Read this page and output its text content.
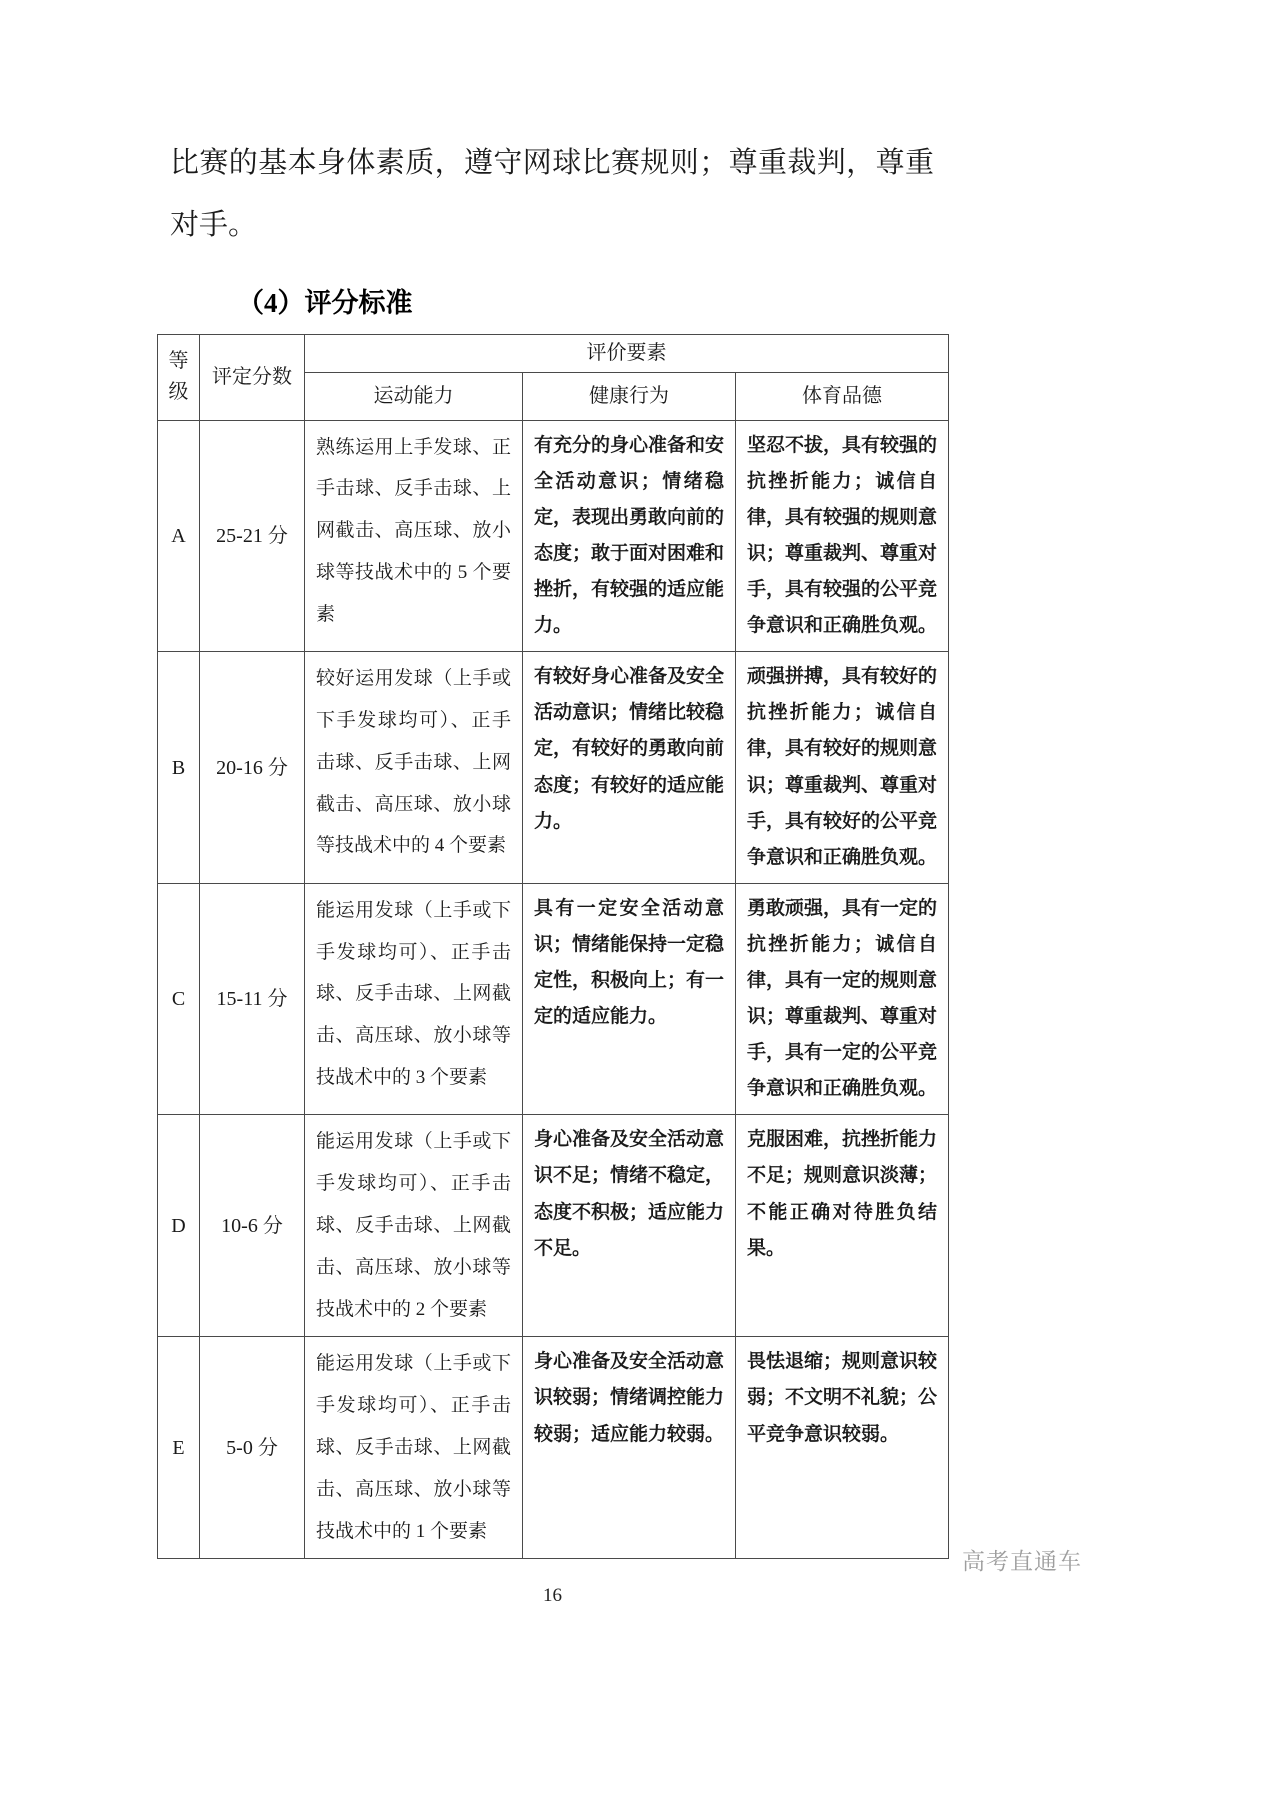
比赛的基本身体素质，遵守网球比赛规则；尊重裁判，尊重对手。

（4）评分标准
等级	评定分数	评价要素		
		运动能力	健康行为	体育品德
A	25-21 分	熟练运用上手发球、正手击球、反手击球、上网截击、高压球、放小球等技战术中的 5 个要素	有充分的身心准备和安全活动意识；情绪稳定，表现出勇敢向前的态度；敢于面对困难和挫折，有较强的适应能力。	坚忍不拔，具有较强的抗挫折能力；诚信自律，具有较强的规则意识；尊重裁判、尊重对手，具有较强的公平竞争意识和正确胜负观。
B	20-16 分	较好运用发球（上手或下手发球均可）、正手击球、反手击球、上网截击、高压球、放小球等技战术中的 4 个要素	有较好身心准备及安全活动意识；情绪比较稳定，有较好的勇敢向前态度；有较好的适应能力。	顽强拼搏，具有较好的抗挫折能力；诚信自律，具有较好的规则意识；尊重裁判、尊重对手，具有较好的公平竞争意识和正确胜负观。
C	15-11 分	能运用发球（上手或下手发球均可）、正手击球、反手击球、上网截击、高压球、放小球等技战术中的 3 个要素	具有一定安全活动意识；情绪能保持一定稳定性，积极向上；有一定的适应能力。	勇敢顽强，具有一定的抗挫折能力；诚信自律，具有一定的规则意识；尊重裁判、尊重对手，具有一定的公平竞争意识和正确胜负观。
D	10-6 分	能运用发球（上手或下手发球均可）、正手击球、反手击球、上网截击、高压球、放小球等技战术中的 2 个要素	身心准备及安全活动意识不足；情绪不稳定，态度不积极；适应能力不足。	克服困难，抗挫折能力不足；规则意识淡薄；不能正确对待胜负结果。
E	5-0 分	能运用发球（上手或下手发球均可）、正手击球、反手击球、上网截击、高压球、放小球等技战术中的 1 个要素	身心准备及安全活动意识较弱；情绪调控能力较弱；适应能力较弱。	畏怯退缩；规则意识较弱；不文明不礼貌；公平竞争意识较弱。
16
高考直通车
